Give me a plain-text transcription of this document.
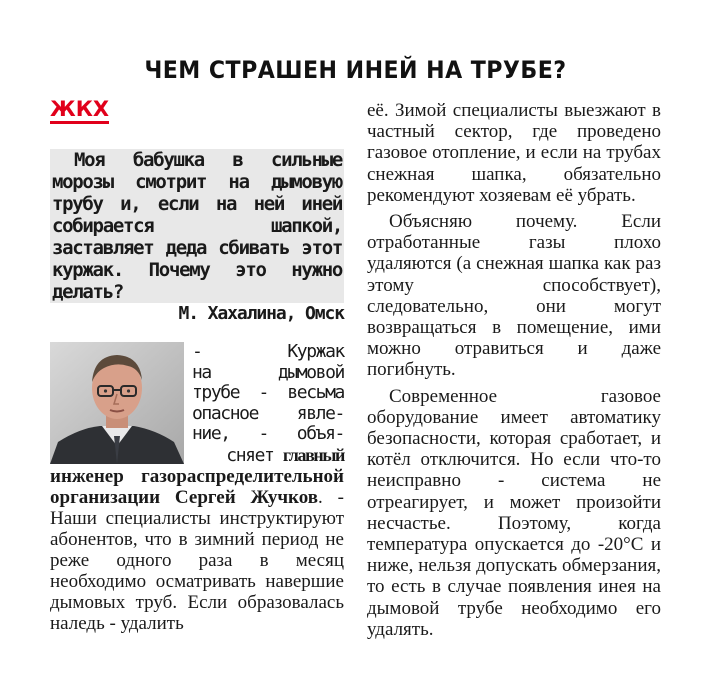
ЧЕМ СТРАШЕН ИНЕЙ НА ТРУБЕ?
ЖКХ

Моя бабушка в сильные морозы смотрит на дымовую трубу и, если на ней иней собирается шапкой, заставляет деда сбивать этот куржак. Почему это нужно делать?

М. Хахалина, Омск

- Куржак

на дымовой

трубе - весьма

опасное явле-

ние, - объя-

сняет главный

инженер газораспределительной организации Сергей Жучков. - Наши специалисты инструктируют абонентов, что в зимний период не реже одного раза в месяц необходимо осматривать навершие дымовых труб. Если образовалась наледь - удалить

её. Зимой специалисты выезжают в частный сектор, где проведено газовое отопление, и если на трубах снежная шапка, обязательно рекомендуют хозяевам её убрать.

Объясняю почему. Если отработанные газы плохо удаляются (а снежная шапка как раз этому способствует), следовательно, они могут возвращаться в помещение, ими можно отравиться и даже погибнуть.

Современное газовое оборудование имеет автоматику безопасности, которая сработает, и котёл отключится. Но если что-то неисправно - система не отреагирует, и может произойти несчастье. Поэтому, когда температура опускается до -20°С и ниже, нельзя допускать обмерзания, то есть в случае появления инея на дымовой трубе необходимо его удалять.
